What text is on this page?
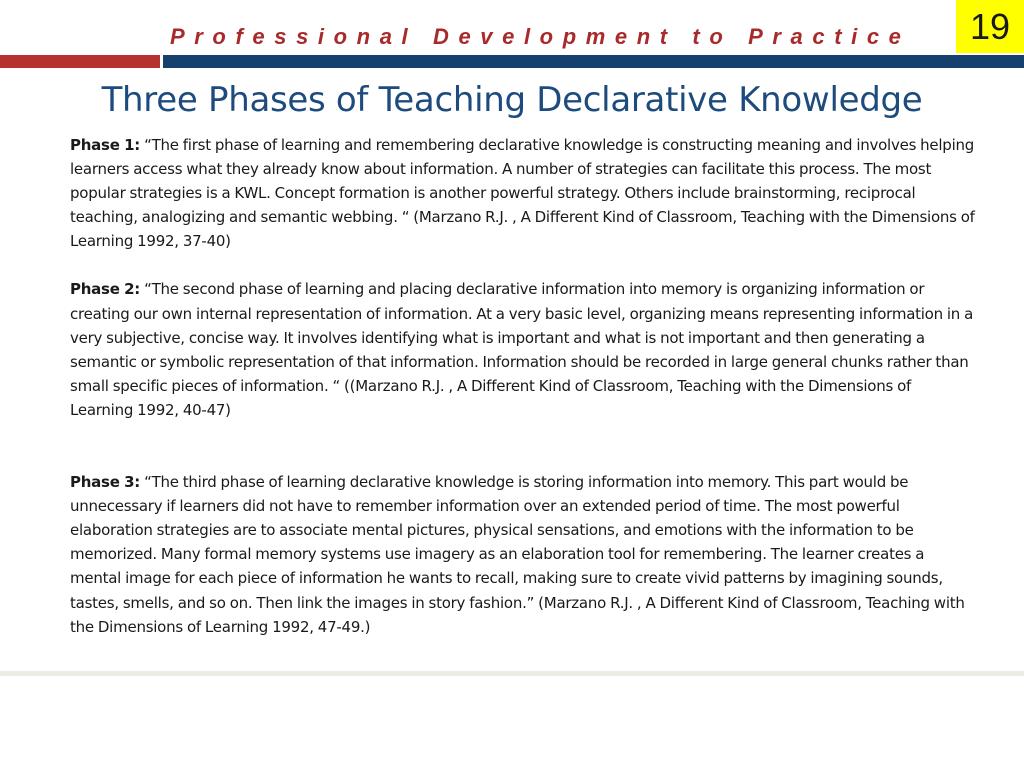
Professional Development to Practice	19
Three Phases of Teaching Declarative Knowledge

Phase 1: “The first phase of learning and remembering declarative knowledge is constructing meaning and involves helping learners access what they already know about information. A number of strategies can facilitate this process. The most popular strategies is a KWL. Concept formation is another powerful strategy. Others include brainstorming, reciprocal teaching, analogizing and semantic webbing. “ (Marzano R.J. , A Different Kind of Classroom, Teaching with the Dimensions of Learning 1992, 37-40)

Phase 2: “The second phase of learning and placing declarative information into memory is organizing information or creating our own internal representation of information. At a very basic level, organizing means representing information in a very subjective, concise way. It involves identifying what is important and what is not important and then generating a semantic or symbolic representation of that information. Information should be recorded in large general chunks rather than small specific pieces of information. “ ((Marzano R.J. , A Different Kind of Classroom, Teaching with the Dimensions of Learning 1992, 40-47)

Phase 3: “The third phase of learning declarative knowledge is storing information into memory. This part would be unnecessary if learners did not have to remember information over an extended period of time. The most powerful elaboration strategies are to associate mental pictures, physical sensations, and emotions with the information to be memorized. Many formal memory systems use imagery as an elaboration tool for remembering. The learner creates a mental image for each piece of information he wants to recall, making sure to create vivid patterns by imagining sounds, tastes, smells, and so on. Then link the images in story fashion.” (Marzano R.J. , A Different Kind of Classroom, Teaching with the Dimensions of Learning 1992, 47-49.)
